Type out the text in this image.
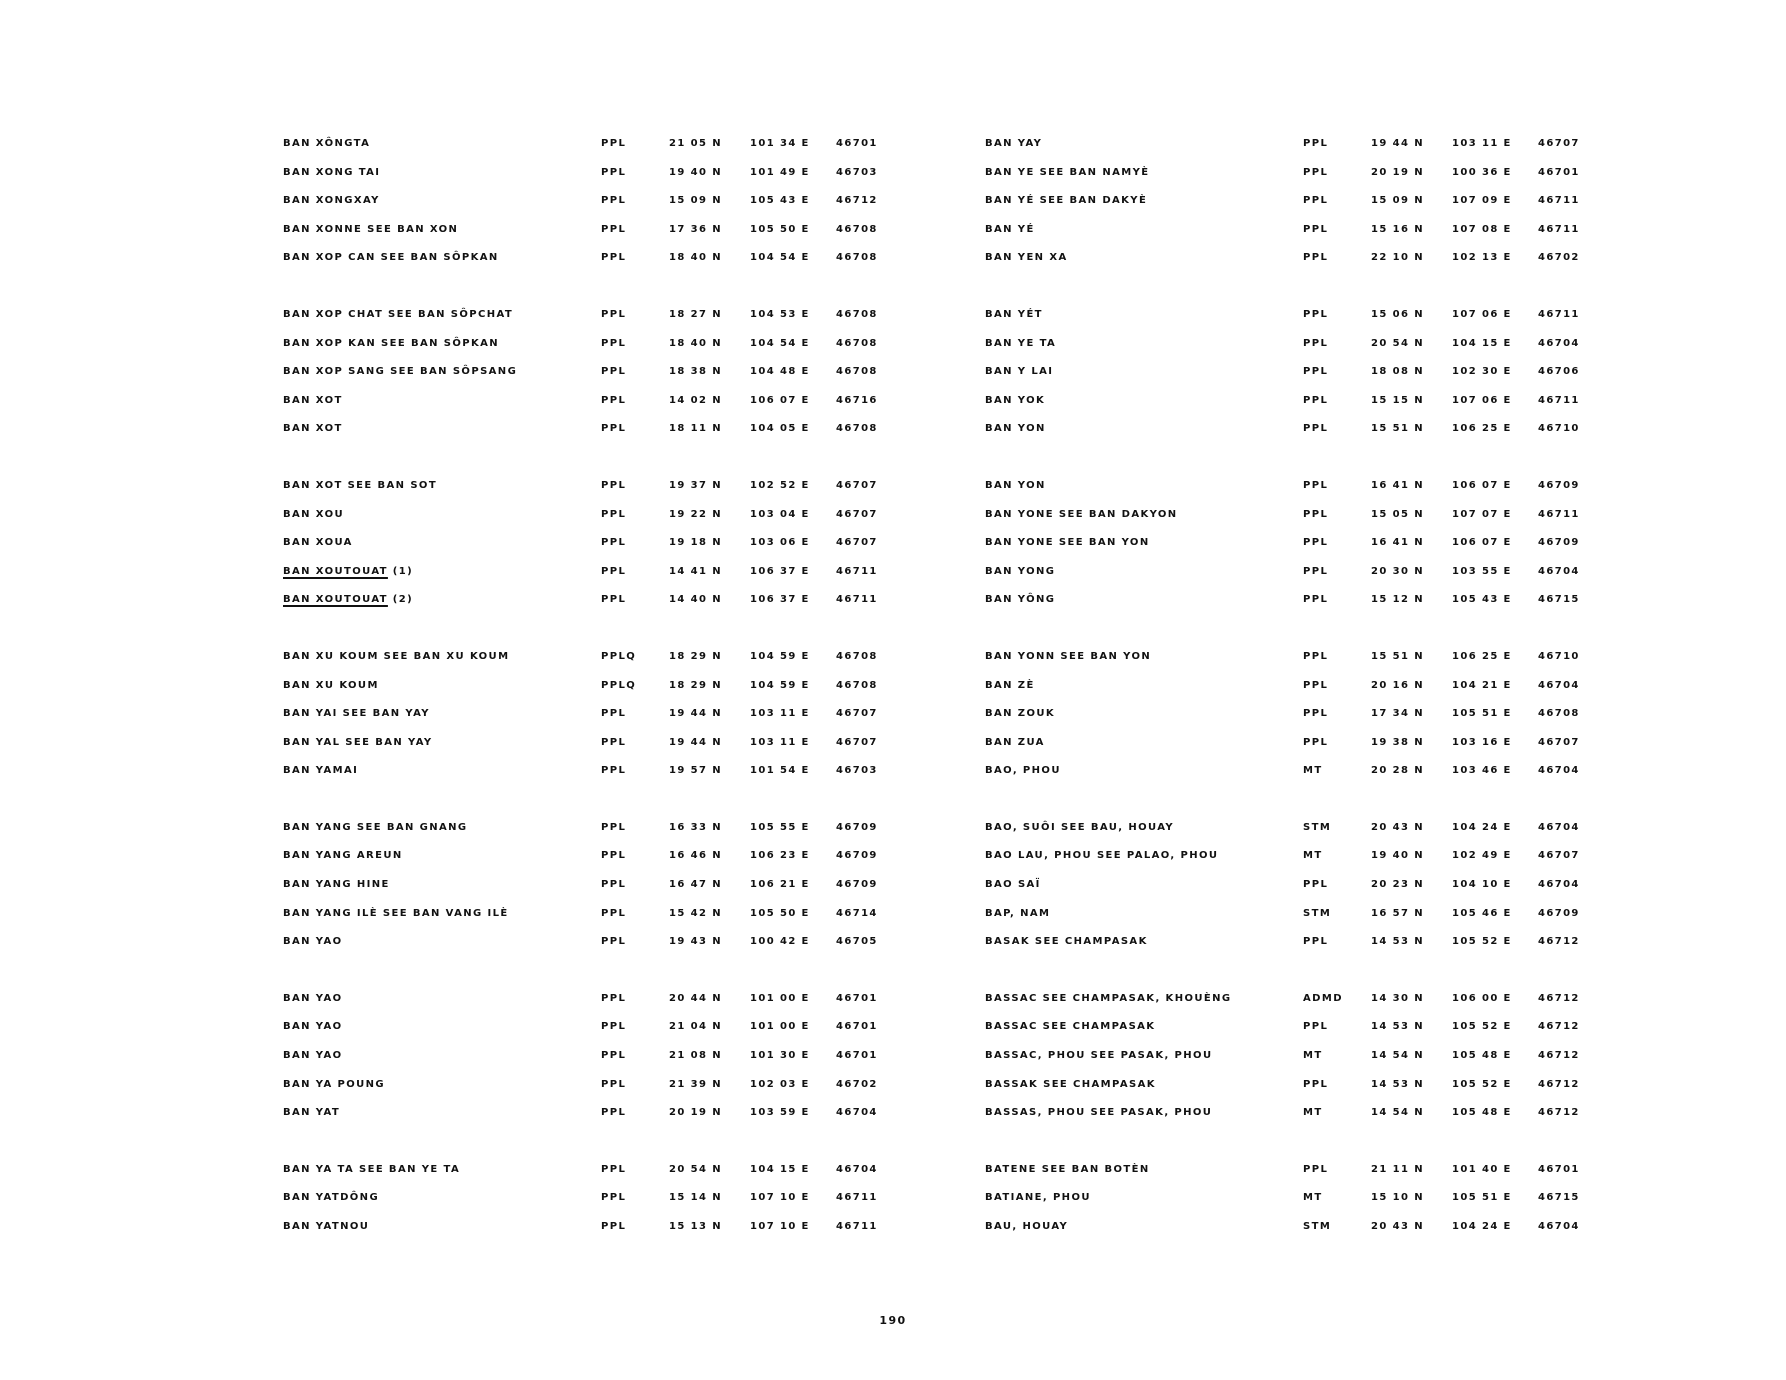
BAN XÔNGTA	PPL	21 05 N	101 34 E	46701
BAN XONG TAI	PPL	19 40 N	101 49 E	46703
BAN XONGXAY	PPL	15 09 N	105 43 E	46712
BAN XONNE SEE BAN XON	PPL	17 36 N	105 50 E	46708
BAN XOP CAN SEE BAN SÔPKAN	PPL	18 40 N	104 54 E	46708
BAN XOP CHAT SEE BAN SÔPCHAT	PPL	18 27 N	104 53 E	46708
BAN XOP KAN SEE BAN SÔPKAN	PPL	18 40 N	104 54 E	46708
BAN XOP SANG SEE BAN SÔPSANG	PPL	18 38 N	104 48 E	46708
BAN XOT	PPL	14 02 N	106 07 E	46716
BAN XOT	PPL	18 11 N	104 05 E	46708
BAN XOT SEE BAN SOT	PPL	19 37 N	102 52 E	46707
BAN XOU	PPL	19 22 N	103 04 E	46707
BAN XOUA	PPL	19 18 N	103 06 E	46707
BAN XOUTOUAT (1)	PPL	14 41 N	106 37 E	46711
BAN XOUTOUAT (2)	PPL	14 40 N	106 37 E	46711
BAN XU KOUM SEE BAN XU KOUM	PPLQ	18 29 N	104 59 E	46708
BAN XU KOUM	PPLQ	18 29 N	104 59 E	46708
BAN YAI SEE BAN YAY	PPL	19 44 N	103 11 E	46707
BAN YAL SEE BAN YAY	PPL	19 44 N	103 11 E	46707
BAN YAMAI	PPL	19 57 N	101 54 E	46703
BAN YANG SEE BAN GNANG	PPL	16 33 N	105 55 E	46709
BAN YANG AREUN	PPL	16 46 N	106 23 E	46709
BAN YANG HINE	PPL	16 47 N	106 21 E	46709
BAN YANG ILÈ SEE BAN VANG ILÈ	PPL	15 42 N	105 50 E	46714
BAN YAO	PPL	19 43 N	100 42 E	46705
BAN YAO	PPL	20 44 N	101 00 E	46701
BAN YAO	PPL	21 04 N	101 00 E	46701
BAN YAO	PPL	21 08 N	101 30 E	46701
BAN YA POUNG	PPL	21 39 N	102 03 E	46702
BAN YAT	PPL	20 19 N	103 59 E	46704
BAN YA TA SEE BAN YE TA	PPL	20 54 N	104 15 E	46704
BAN YATDÔNG	PPL	15 14 N	107 10 E	46711
BAN YATNOU	PPL	15 13 N	107 10 E	46711
BAN YAY	PPL	19 44 N	103 11 E	46707
BAN YE SEE BAN NAMYÈ	PPL	20 19 N	100 36 E	46701
BAN YÉ SEE BAN DAKYÈ	PPL	15 09 N	107 09 E	46711
BAN YÉ	PPL	15 16 N	107 08 E	46711
BAN YEN XA	PPL	22 10 N	102 13 E	46702
BAN YÉT	PPL	15 06 N	107 06 E	46711
BAN YE TA	PPL	20 54 N	104 15 E	46704
BAN Y LAI	PPL	18 08 N	102 30 E	46706
BAN YOK	PPL	15 15 N	107 06 E	46711
BAN YON	PPL	15 51 N	106 25 E	46710
BAN YON	PPL	16 41 N	106 07 E	46709
BAN YONE SEE BAN DAKYON	PPL	15 05 N	107 07 E	46711
BAN YONE SEE BAN YON	PPL	16 41 N	106 07 E	46709
BAN YONG	PPL	20 30 N	103 55 E	46704
BAN YÔNG	PPL	15 12 N	105 43 E	46715
BAN YONN SEE BAN YON	PPL	15 51 N	106 25 E	46710
BAN ZÈ	PPL	20 16 N	104 21 E	46704
BAN ZOUK	PPL	17 34 N	105 51 E	46708
BAN ZUA	PPL	19 38 N	103 16 E	46707
BAO, PHOU	MT	20 28 N	103 46 E	46704
BAO, SUÔI SEE BAU, HOUAY	STM	20 43 N	104 24 E	46704
BAO LAU, PHOU SEE PALAO, PHOU	MT	19 40 N	102 49 E	46707
BAO SAÏ	PPL	20 23 N	104 10 E	46704
BAP, NAM	STM	16 57 N	105 46 E	46709
BASAK SEE CHAMPASAK	PPL	14 53 N	105 52 E	46712
BASSAC SEE CHAMPASAK, KHOUÈNG	ADMD	14 30 N	106 00 E	46712
BASSAC SEE CHAMPASAK	PPL	14 53 N	105 52 E	46712
BASSAC, PHOU SEE PASAK, PHOU	MT	14 54 N	105 48 E	46712
BASSAK SEE CHAMPASAK	PPL	14 53 N	105 52 E	46712
BASSAS, PHOU SEE PASAK, PHOU	MT	14 54 N	105 48 E	46712
BATENE SEE BAN BOTÈN	PPL	21 11 N	101 40 E	46701
BATIANE, PHOU	MT	15 10 N	105 51 E	46715
BAU, HOUAY	STM	20 43 N	104 24 E	46704
190
